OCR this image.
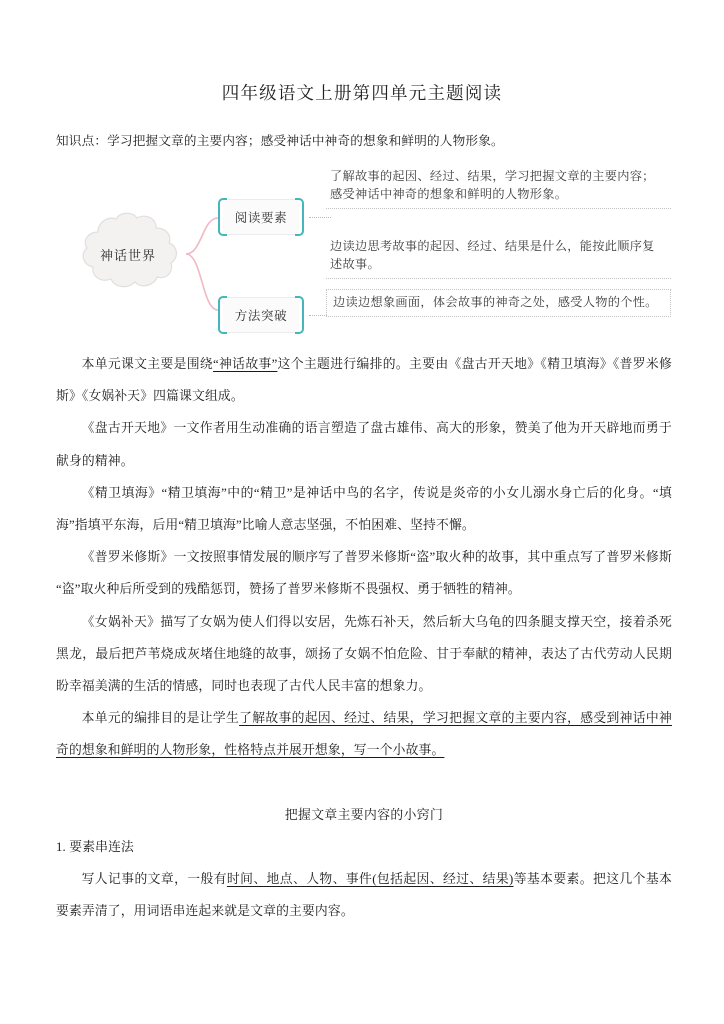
四年级语文上册第四单元主题阅读
知识点：学习把握文章的主要内容；感受神话中神奇的想象和鲜明的人物形象。
神话世界
阅读要素
方法突破
了解故事的起因、经过、结果，学习把握文章的主要内容；感受神话中神奇的想象和鲜明的人物形象。
边读边思考故事的起因、经过、结果是什么，能按此顺序复述故事。
边读边想象画面，体会故事的神奇之处，感受人物的个性。

本单元课文主要是围绕“神话故事”这个主题进行编排的。主要由《盘古开天地》《精卫填海》《普罗米修斯》《女娲补天》四篇课文组成。

《盘古开天地》一文作者用生动准确的语言塑造了盘古雄伟、高大的形象，赞美了他为开天辟地而勇于献身的精神。

《精卫填海》“精卫填海”中的“精卫”是神话中鸟的名字，传说是炎帝的小女儿溺水身亡后的化身。“填海”指填平东海，后用“精卫填海”比喻人意志坚强，不怕困难、坚持不懈。

《普罗米修斯》一文按照事情发展的顺序写了普罗米修斯“盗”取火种的故事，其中重点写了普罗米修斯“盗”取火种后所受到的残酷惩罚，赞扬了普罗米修斯不畏强权、勇于牺牲的精神。

《女娲补天》描写了女娲为使人们得以安居，先炼石补天，然后斩大乌龟的四条腿支撑天空，接着杀死黑龙，最后把芦苇烧成灰堵住地缝的故事，颂扬了女娲不怕危险、甘于奉献的精神，表达了古代劳动人民期盼幸福美满的生活的情感，同时也表现了古代人民丰富的想象力。

本单元的编排目的是让学生了解故事的起因、经过、结果，学习把握文章的主要内容，感受到神话中神奇的想象和鲜明的人物形象，性格特点并展开想象，写一个小故事。

把握文章主要内容的小窍门

1. 要素串连法

写人记事的文章，一般有时间、地点、人物、事件(包括起因、经过、结果)等基本要素。把这几个基本要素弄清了，用词语串连起来就是文章的主要内容。
